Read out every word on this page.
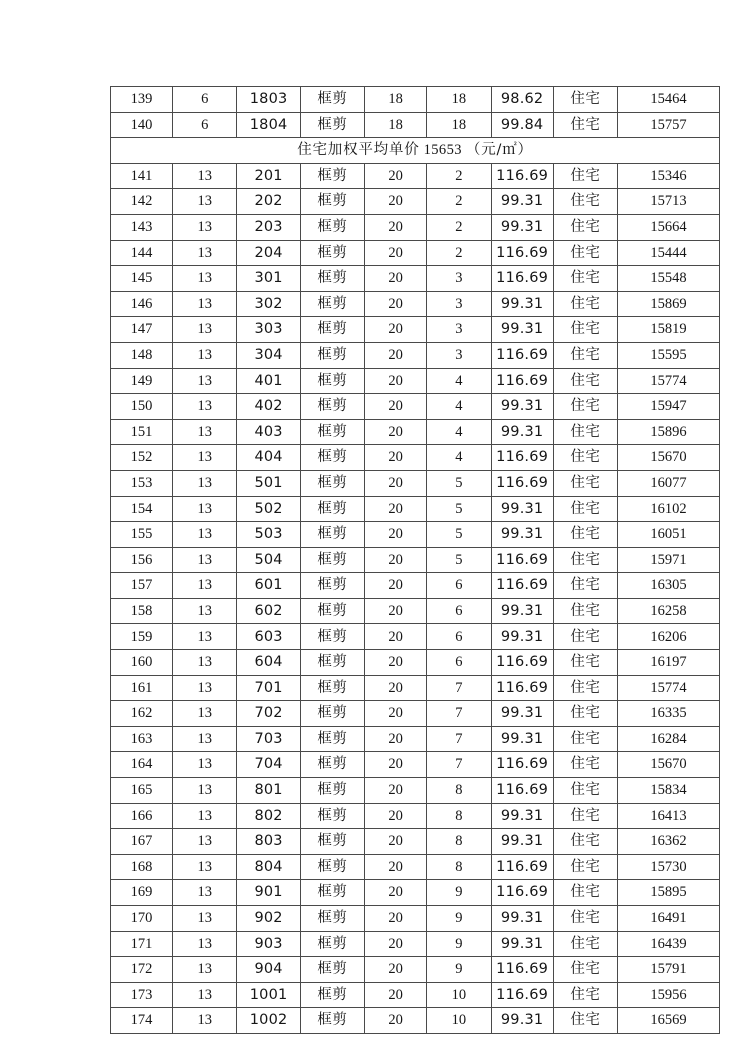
139	6	1803	框剪	18	18	98.62	住宅	15464
140	6	1804	框剪	18	18	99.84	住宅	15757
住宅加权平均单价 15653 （元/㎡）								
141	13	201	框剪	20	2	116.69	住宅	15346
142	13	202	框剪	20	2	99.31	住宅	15713
143	13	203	框剪	20	2	99.31	住宅	15664
144	13	204	框剪	20	2	116.69	住宅	15444
145	13	301	框剪	20	3	116.69	住宅	15548
146	13	302	框剪	20	3	99.31	住宅	15869
147	13	303	框剪	20	3	99.31	住宅	15819
148	13	304	框剪	20	3	116.69	住宅	15595
149	13	401	框剪	20	4	116.69	住宅	15774
150	13	402	框剪	20	4	99.31	住宅	15947
151	13	403	框剪	20	4	99.31	住宅	15896
152	13	404	框剪	20	4	116.69	住宅	15670
153	13	501	框剪	20	5	116.69	住宅	16077
154	13	502	框剪	20	5	99.31	住宅	16102
155	13	503	框剪	20	5	99.31	住宅	16051
156	13	504	框剪	20	5	116.69	住宅	15971
157	13	601	框剪	20	6	116.69	住宅	16305
158	13	602	框剪	20	6	99.31	住宅	16258
159	13	603	框剪	20	6	99.31	住宅	16206
160	13	604	框剪	20	6	116.69	住宅	16197
161	13	701	框剪	20	7	116.69	住宅	15774
162	13	702	框剪	20	7	99.31	住宅	16335
163	13	703	框剪	20	7	99.31	住宅	16284
164	13	704	框剪	20	7	116.69	住宅	15670
165	13	801	框剪	20	8	116.69	住宅	15834
166	13	802	框剪	20	8	99.31	住宅	16413
167	13	803	框剪	20	8	99.31	住宅	16362
168	13	804	框剪	20	8	116.69	住宅	15730
169	13	901	框剪	20	9	116.69	住宅	15895
170	13	902	框剪	20	9	99.31	住宅	16491
171	13	903	框剪	20	9	99.31	住宅	16439
172	13	904	框剪	20	9	116.69	住宅	15791
173	13	1001	框剪	20	10	116.69	住宅	15956
174	13	1002	框剪	20	10	99.31	住宅	16569
